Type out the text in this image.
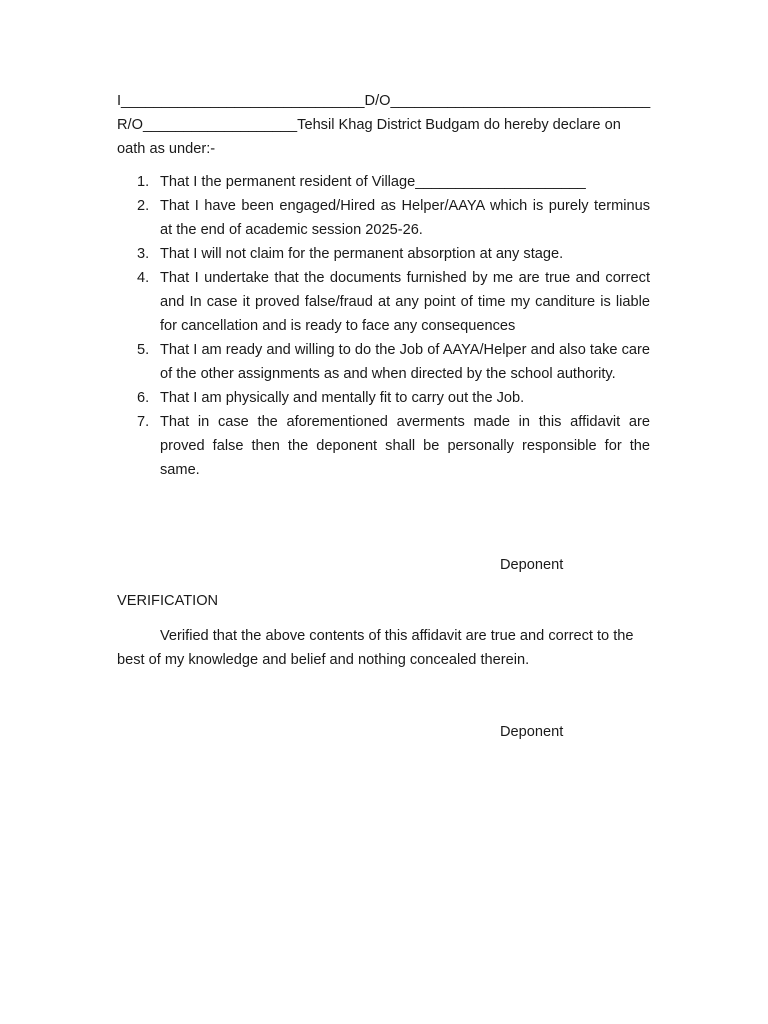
I______________________________D/O________________________________
R/O___________________Tehsil Khag District Budgam do hereby declare on
oath as under:-
1. That I the permanent resident of Village_____________________
2. That I have been engaged/Hired as Helper/AAYA which is purely terminus at the end of academic session 2025-26.
3. That I will not claim for the permanent absorption at any stage.
4. That I undertake that the documents furnished by me are true and correct and In case it proved false/fraud at any point of time my canditure is liable for cancellation and is ready to face any consequences
5. That I am ready and willing to do the Job of AAYA/Helper and also take care of the other assignments as and when directed by the school authority.
6. That I am physically and mentally fit to carry out the Job.
7. That in case the aforementioned averments made in this affidavit are proved false then the deponent shall be personally responsible for the same.
Deponent
VERIFICATION
Verified that the above contents of this affidavit are true and correct to the best of my knowledge and belief and nothing concealed therein.
Deponent
